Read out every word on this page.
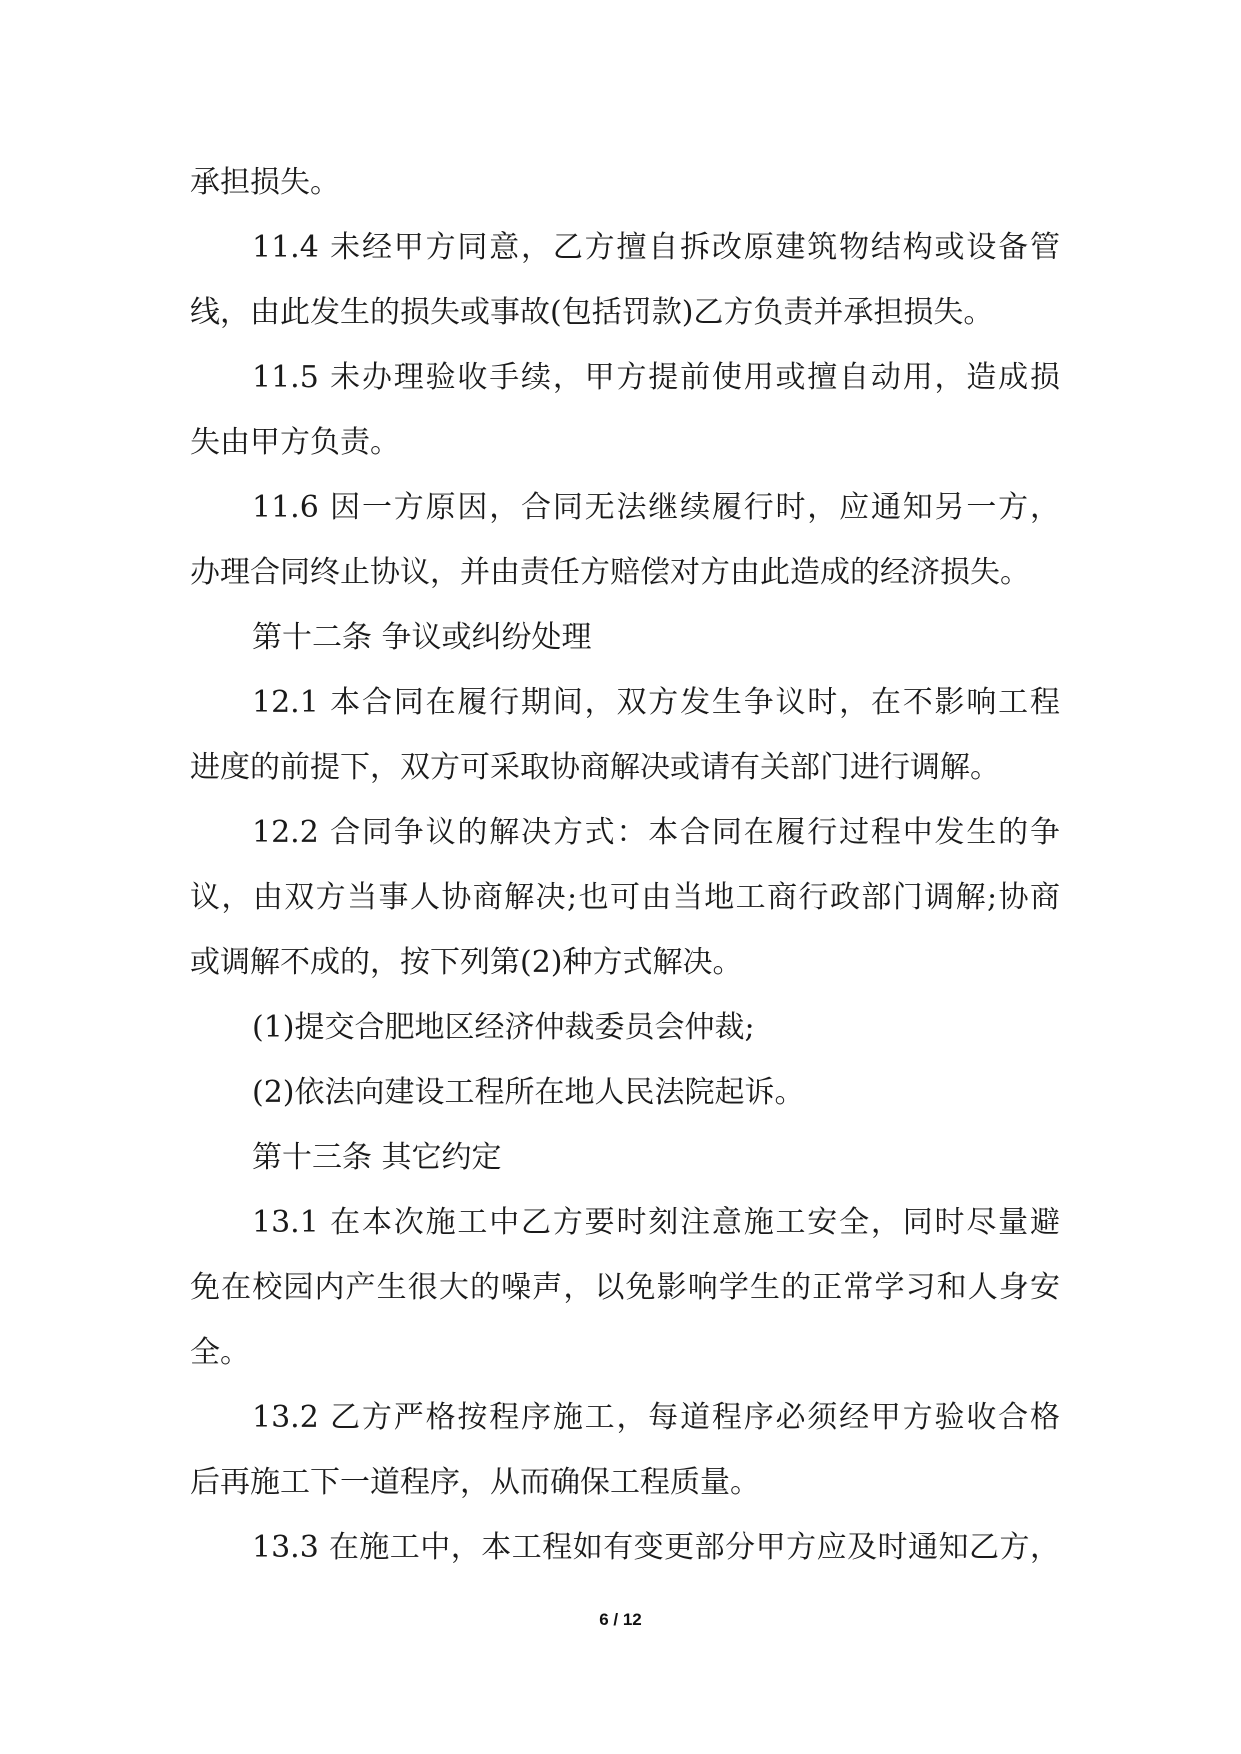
承担损失。
11.4 未经甲方同意，乙方擅自拆改原建筑物结构或设备管
线，由此发生的损失或事故(包括罚款)乙方负责并承担损失。
11.5 未办理验收手续，甲方提前使用或擅自动用，造成损
失由甲方负责。
11.6 因一方原因，合同无法继续履行时，应通知另一方，
办理合同终止协议，并由责任方赔偿对方由此造成的经济损失。
第十二条 争议或纠纷处理
12.1 本合同在履行期间，双方发生争议时，在不影响工程
进度的前提下，双方可采取协商解决或请有关部门进行调解。
12.2 合同争议的解决方式：本合同在履行过程中发生的争
议，由双方当事人协商解决;也可由当地工商行政部门调解;协商
或调解不成的，按下列第(2)种方式解决。
(1)提交合肥地区经济仲裁委员会仲裁;
(2)依法向建设工程所在地人民法院起诉。
第十三条 其它约定
13.1 在本次施工中乙方要时刻注意施工安全，同时尽量避
免在校园内产生很大的噪声，以免影响学生的正常学习和人身安
全。
13.2 乙方严格按程序施工，每道程序必须经甲方验收合格
后再施工下一道程序，从而确保工程质量。
13.3 在施工中，本工程如有变更部分甲方应及时通知乙方，
6 / 12
